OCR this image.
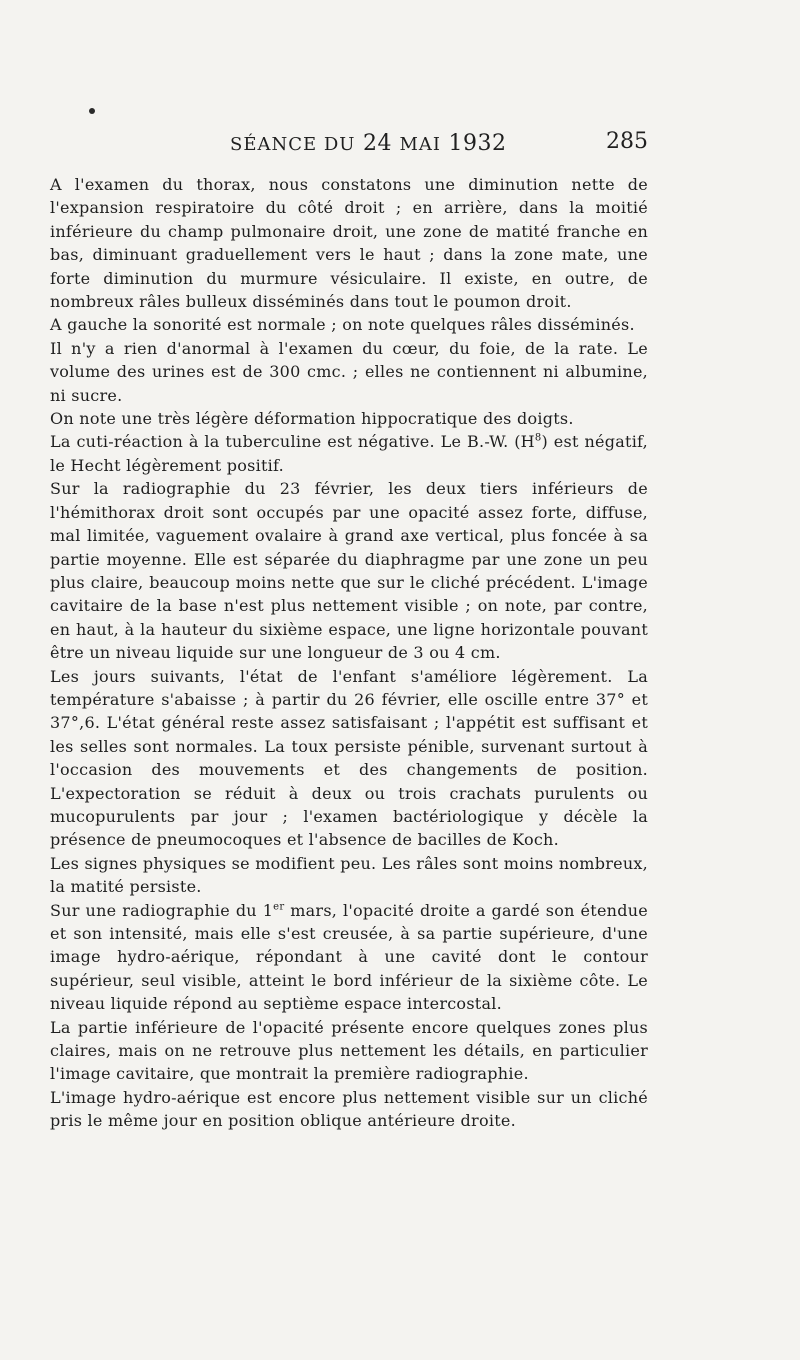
SÉANCE DU 24 MAI 1932	285

A l'examen du thorax, nous constatons une diminution nette de l'expansion respiratoire du côté droit ; en arrière, dans la moitié inférieure du champ pulmonaire droit, une zone de matité franche en bas, diminuant graduellement vers le haut ; dans la zone mate, une forte diminution du murmure vésiculaire. Il existe, en outre, de nombreux râles bulleux disséminés dans tout le poumon droit.

A gauche la sonorité est normale ; on note quelques râles disséminés.

Il n'y a rien d'anormal à l'examen du cœur, du foie, de la rate. Le volume des urines est de 300 cmc. ; elles ne contiennent ni albumine, ni sucre.

On note une très légère déformation hippocratique des doigts.

La cuti-réaction à la tuberculine est négative. Le B.-W. $(H^8)$ est négatif, le Hecht légèrement positif.

Sur la radiographie du 23 février, les deux tiers inférieurs de l'hémithorax droit sont occupés par une opacité assez forte, diffuse, mal limitée, vaguement ovalaire à grand axe vertical, plus foncée à sa partie moyenne. Elle est séparée du diaphragme par une zone un peu plus claire, beaucoup moins nette que sur le cliché précédent. L'image cavitaire de la base n'est plus nettement visible ; on note, par contre, en haut, à la hauteur du sixième espace, une ligne horizontale pouvant être un niveau liquide sur une longueur de 3 ou 4 cm.

Les jours suivants, l'état de l'enfant s'améliore légèrement. La température s'abaisse ; à partir du 26 février, elle oscille entre 37° et 37°,6. L'état général reste assez satisfaisant ; l'appétit est suffisant et les selles sont normales. La toux persiste pénible, survenant surtout à l'occasion des mouvements et des changements de position. L'expectoration se réduit à deux ou trois crachats purulents ou mucopurulents par jour ; l'examen bactériologique y décèle la présence de pneumocoques et l'absence de bacilles de Koch.

Les signes physiques se modifient peu. Les râles sont moins nombreux, la matité persiste.

Sur une radiographie du 1er mars, l'opacité droite a gardé son étendue et son intensité, mais elle s'est creusée, à sa partie supérieure, d'une image hydro-aérique, répondant à une cavité dont le contour supérieur, seul visible, atteint le bord inférieur de la sixième côte. Le niveau liquide répond au septième espace intercostal.

La partie inférieure de l'opacité présente encore quelques zones plus claires, mais on ne retrouve plus nettement les détails, en particulier l'image cavitaire, que montrait la première radiographie.

L'image hydro-aérique est encore plus nettement visible sur un cliché pris le même jour en position oblique antérieure droite.
